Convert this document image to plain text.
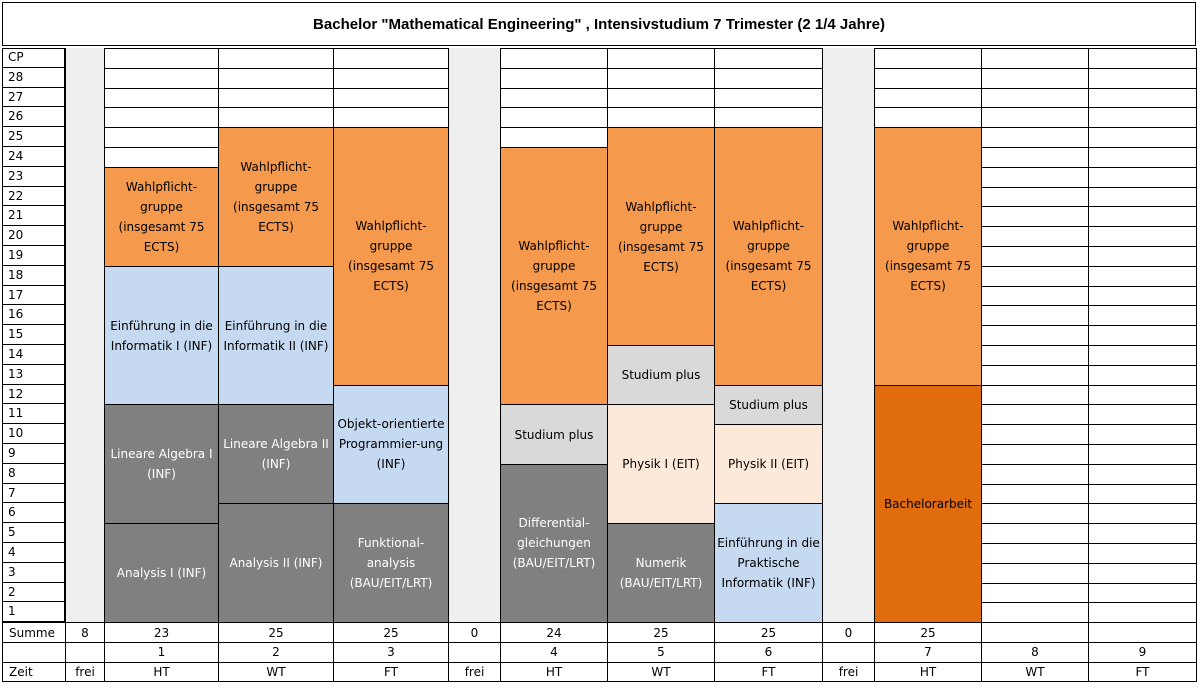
Bachelor "Mathematical Engineering" , Intensivstudium 7 Trimester (2 1/4 Jahre)
CP
28
27
26
25
24
23
22
21
20
19
18
17
16
15
14
13
12
11
10
9
8
7
6
5
4
3
2
1
Analysis I (INF)
Lineare Algebra I (INF)
Einführung in die Informatik I (INF)
Wahlpflicht-gruppe (insgesamt 75 ECTS)
Analysis II (INF)
Lineare Algebra II (INF)
Einführung in die Informatik II (INF)
Wahlpflicht-gruppe (insgesamt 75 ECTS)
Funktional-analysis (BAU/EIT/LRT)
Objekt-orientierte Programmier-ung (INF)
Wahlpflicht-gruppe (insgesamt 75 ECTS)
Differential-gleichungen (BAU/EIT/LRT)
Studium plus
Wahlpflicht-gruppe (insgesamt 75 ECTS)
Numerik (BAU/EIT/LRT)
Physik I (EIT)
Studium plus
Wahlpflicht-gruppe (insgesamt 75 ECTS)
Einführung in die Praktische Informatik (INF)
Physik II (EIT)
Studium plus
Wahlpflicht-gruppe (insgesamt 75 ECTS)
Bachelorarbeit
Wahlpflicht-gruppe (insgesamt 75 ECTS)
Summe
Zeit
8
frei
23
1
HT
25
2
WT
25
3
FT
0
frei
24
4
HT
25
5
WT
25
6
FT
0
frei
25
7
HT
8
WT
9
FT
